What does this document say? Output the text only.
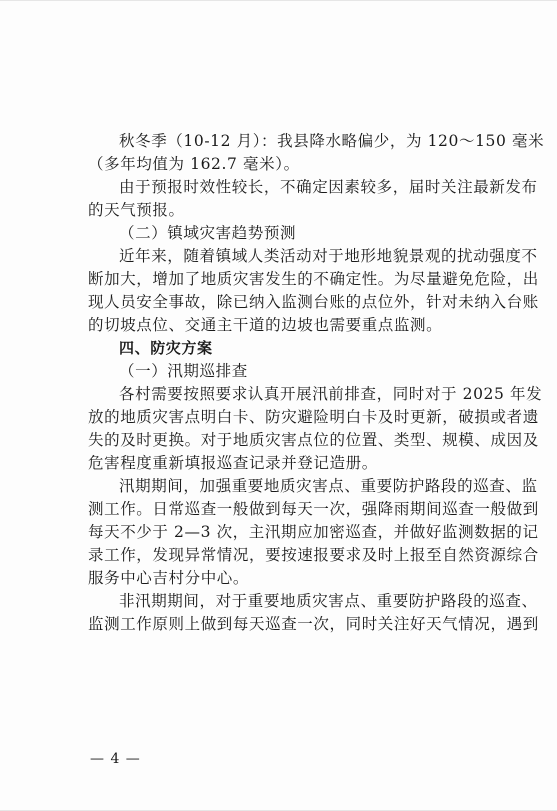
秋冬季（10-12 月）：我县降水略偏少，为 120～150 毫米
（多年均值为 162.7 毫米）。
由于预报时效性较长，不确定因素较多，届时关注最新发布
的天气预报。
（二）镇域灾害趋势预测
近年来，随着镇域人类活动对于地形地貌景观的扰动强度不
断加大，增加了地质灾害发生的不确定性。为尽量避免危险，出
现人员安全事故，除已纳入监测台账的点位外，针对未纳入台账
的切坡点位、交通主干道的边坡也需要重点监测。
四、防灾方案
（一）汛期巡排查
各村需要按照要求认真开展汛前排查，同时对于 2025 年发
放的地质灾害点明白卡、防灾避险明白卡及时更新，破损或者遗
失的及时更换。对于地质灾害点位的位置、类型、规模、成因及
危害程度重新填报巡查记录并登记造册。
汛期期间，加强重要地质灾害点、重要防护路段的巡查、监
测工作。日常巡查一般做到每天一次，强降雨期间巡查一般做到
每天不少于 2—3 次，主汛期应加密巡查，并做好监测数据的记
录工作，发现异常情况，要按速报要求及时上报至自然资源综合
服务中心吉村分中心。
非汛期期间，对于重要地质灾害点、重要防护路段的巡查、
监测工作原则上做到每天巡查一次，同时关注好天气情况，遇到
— 4 —
